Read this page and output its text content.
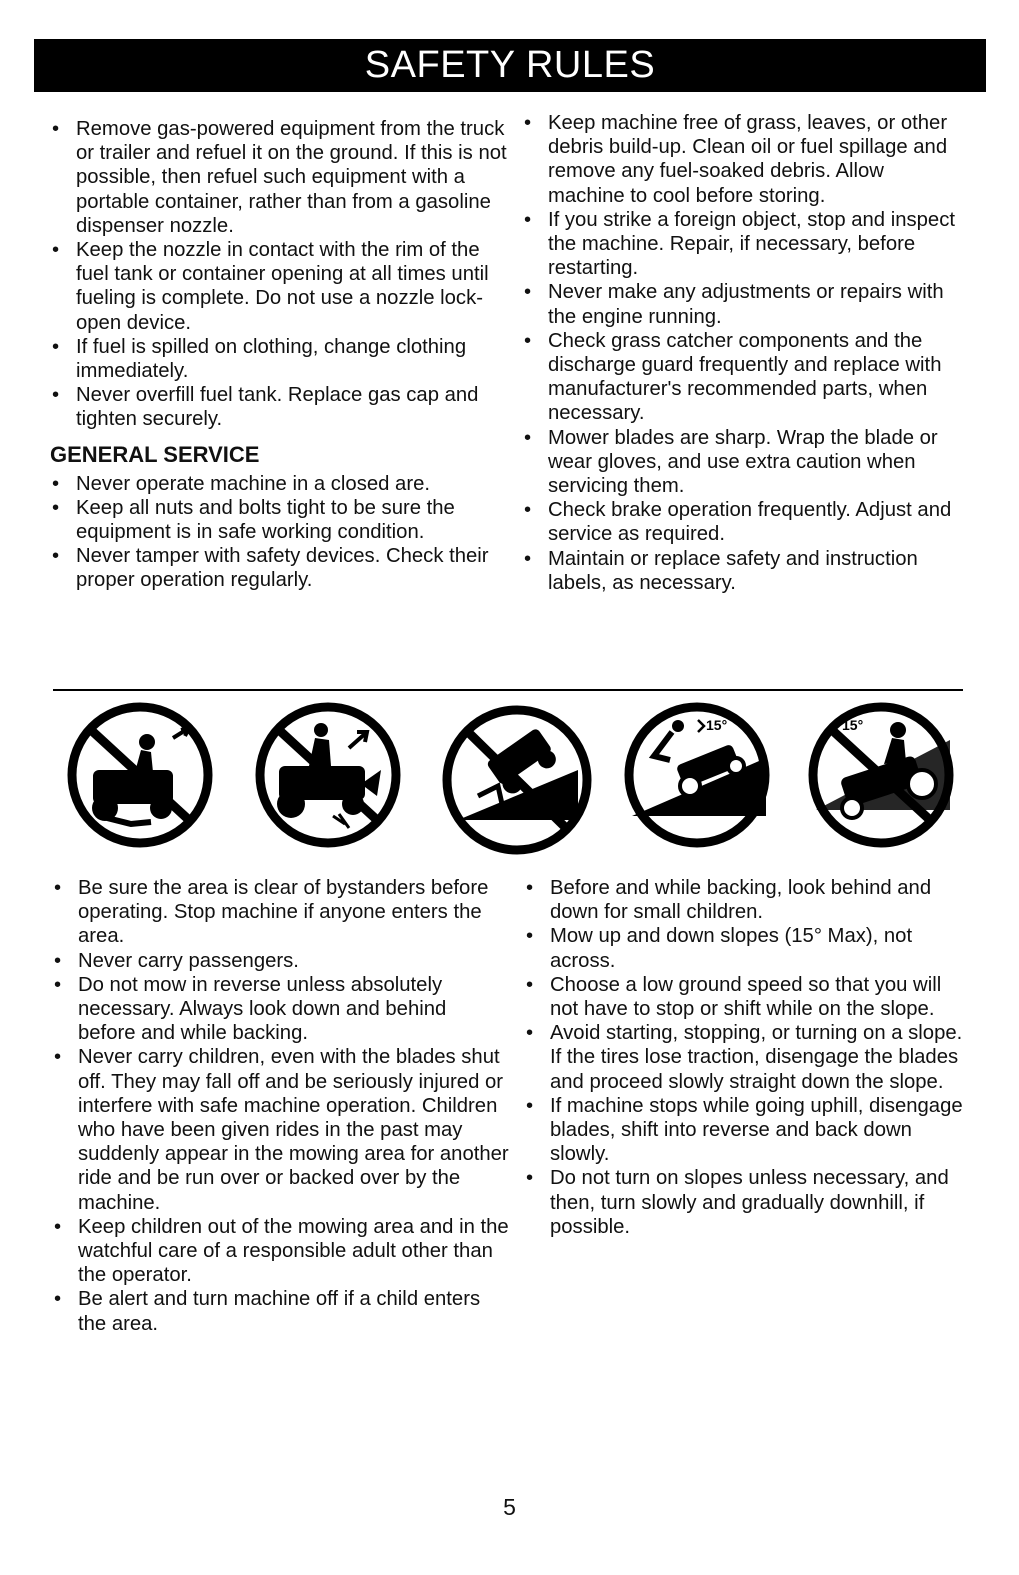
SAFETY RULES
• Remove gas-powered equipment from the truck or trailer and refuel it on the ground. If this is not possible, then refuel such equipment with a portable container, rather than from a gasoline dispenser nozzle.
• Keep the nozzle in contact with the rim of the fuel tank or container opening at all times until fueling is complete. Do not use a nozzle lock-open device.
• If fuel is spilled on clothing, change clothing immediately.
• Never overfill fuel tank. Replace gas cap and tighten securely.
GENERAL SERVICE
• Never operate machine in a closed are.
• Keep all nuts and bolts tight to be sure the equipment is in safe working condition.
• Never tamper with safety devices. Check their proper operation regularly.
• Keep machine free of grass, leaves, or other debris build-up. Clean oil or fuel spillage and remove any fuel-soaked debris. Allow machine to cool before storing.
• If you strike a foreign object, stop and inspect the machine. Repair, if necessary, before restarting.
• Never make any adjustments or repairs with the engine running.
• Check grass catcher components and the discharge guard frequently and replace with manufacturer's recommended parts, when necessary.
• Mower blades are sharp. Wrap the blade or wear gloves, and use extra caution when servicing them.
• Check brake operation frequently. Adjust and service as required.
• Maintain or replace safety and instruction labels, as necessary.
15°	15°
• Be sure the area is clear of bystanders before operating. Stop machine if anyone enters the area.
• Never carry passengers.
• Do not mow in reverse unless absolutely necessary. Always look down and behind before and while backing.
• Never carry children, even with the blades shut off. They may fall off and be seriously injured or interfere with safe machine operation. Children who have been given rides in the past may suddenly appear in the mowing area for another ride and be run over or backed over by the machine.
• Keep children out of the mowing area and in the watchful care of a responsible adult other than the operator.
• Be alert and turn machine off if a child enters the area.
• Before and while backing, look behind and down for small children.
• Mow up and down slopes (15° Max), not across.
• Choose a low ground speed so that you will not have to stop or shift while on the slope.
• Avoid starting, stopping, or turning on a slope. If the tires lose traction, disengage the blades and proceed slowly straight down the slope.
• If machine stops while going uphill, disengage blades, shift into reverse and back down slowly.
• Do not turn on slopes unless necessary, and then, turn slowly and gradually downhill, if possible.
5
